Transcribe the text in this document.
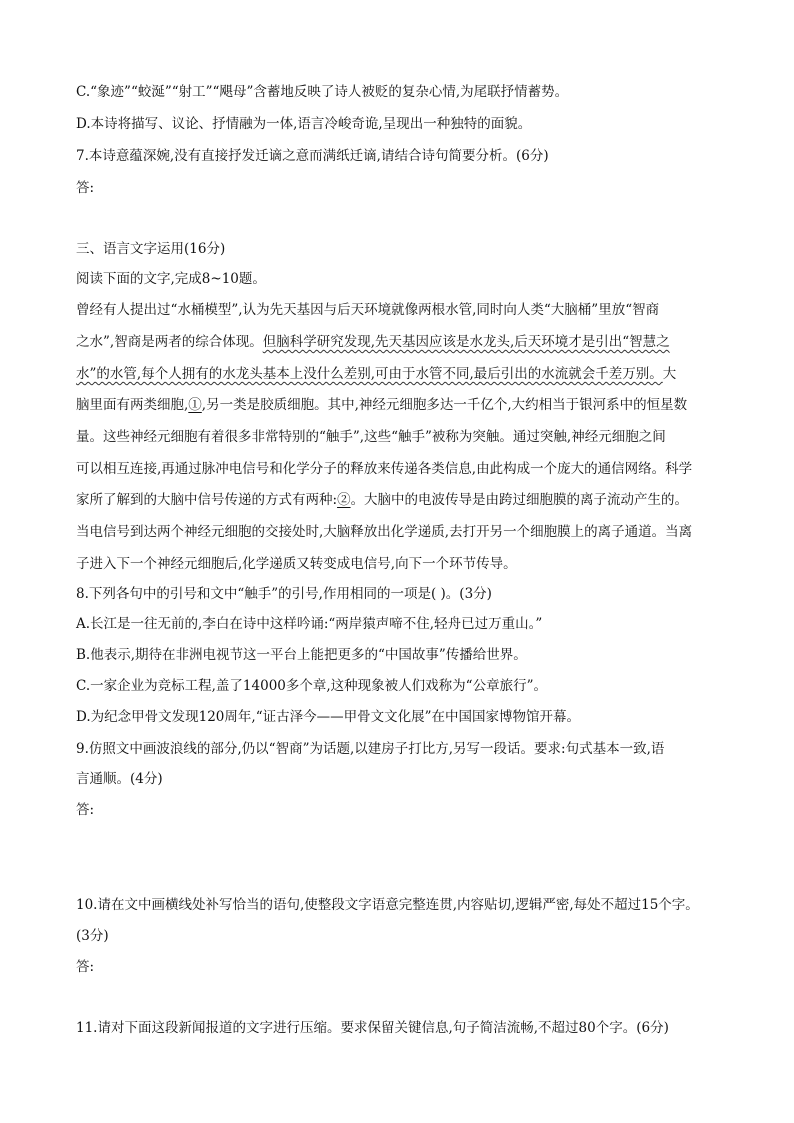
C.“象迹”“蛟涎”“射工”“飓母”含蓄地反映了诗人被贬的复杂心情,为尾联抒情蓄势。
D.本诗将描写、议论、抒情融为一体,语言冷峻奇诡,呈现出一种独特的面貌。
7.本诗意蕴深婉,没有直接抒发迁谪之意而满纸迁谪,请结合诗句简要分析。(6分)
答:
三、语言文字运用(16分)
阅读下面的文字,完成8~10题。
曾经有人提出过“水桶模型”,认为先天基因与后天环境就像两根水管,同时向人类“大脑桶”里放“智商
之水”,智商是两者的综合体现。但脑科学研究发现,先天基因应该是水龙头,后天环境才是引出“智慧之
水”的水管,每个人拥有的水龙头基本上没什么差别,可由于水管不同,最后引出的水流就会千差万别。大
脑里面有两类细胞,①,另一类是胶质细胞。其中,神经元细胞多达一千亿个,大约相当于银河系中的恒星数
量。这些神经元细胞有着很多非常特别的“触手”,这些“触手”被称为突触。通过突触,神经元细胞之间
可以相互连接,再通过脉冲电信号和化学分子的释放来传递各类信息,由此构成一个庞大的通信网络。科学
家所了解到的大脑中信号传递的方式有两种:②。大脑中的电波传导是由跨过细胞膜的离子流动产生的。
当电信号到达两个神经元细胞的交接处时,大脑释放出化学递质,去打开另一个细胞膜上的离子通道。当离
子进入下一个神经元细胞后,化学递质又转变成电信号,向下一个环节传导。
8.下列各句中的引号和文中“触手”的引号,作用相同的一项是( )。(3分)
A.长江是一往无前的,李白在诗中这样吟诵:“两岸猿声啼不住,轻舟已过万重山。”
B.他表示,期待在非洲电视节这一平台上能把更多的“中国故事”传播给世界。
C.一家企业为竞标工程,盖了14000多个章,这种现象被人们戏称为“公章旅行”。
D.为纪念甲骨文发现120周年,“证古泽今——甲骨文文化展”在中国国家博物馆开幕。
9.仿照文中画波浪线的部分,仍以“智商”为话题,以建房子打比方,另写一段话。要求:句式基本一致,语
言通顺。(4分)
答:
10.请在文中画横线处补写恰当的语句,使整段文字语意完整连贯,内容贴切,逻辑严密,每处不超过15个字。
(3分)
答:
11.请对下面这段新闻报道的文字进行压缩。要求保留关键信息,句子简洁流畅,不超过80个字。(6分)
